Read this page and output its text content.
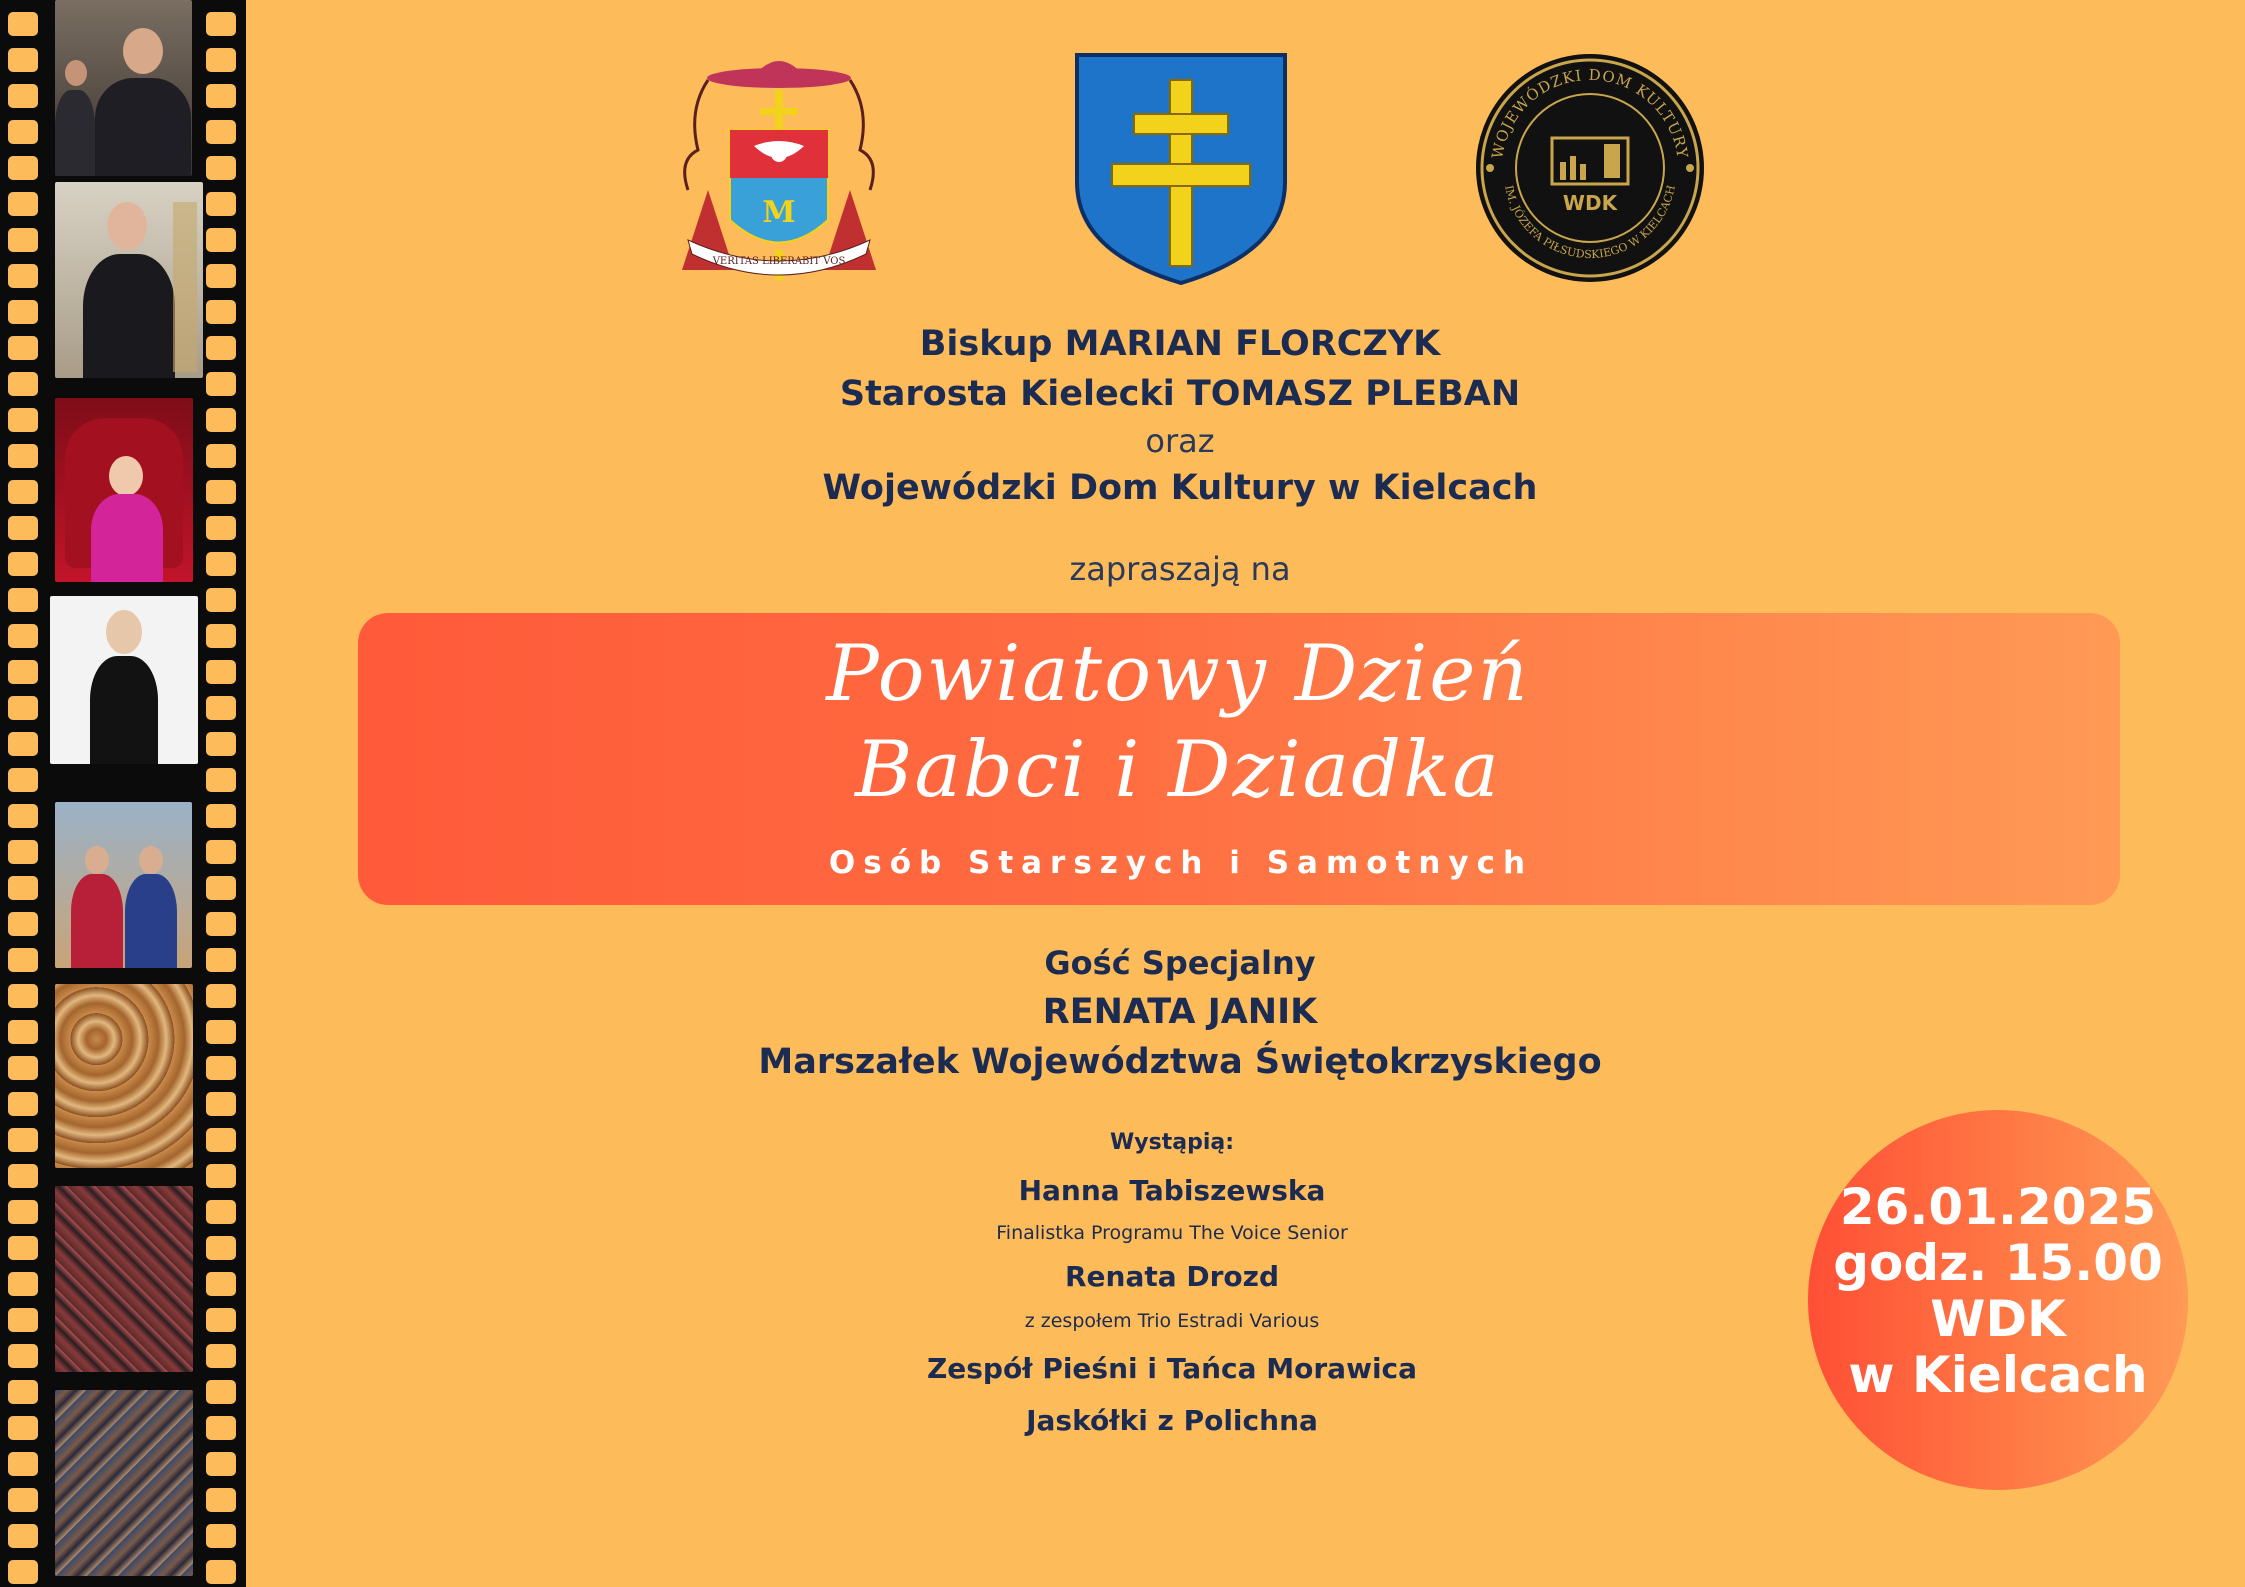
M
VERITAS LIBERABIT VOS
WOJEWÓDZKI DOM KULTURY
IM. JÓZEFA PIŁSUDSKIEGO W KIELCACH
WDK
Biskup MARIAN FLORCZYK
Starosta Kielecki TOMASZ PLEBAN
oraz
Wojewódzki Dom Kultury w Kielcach
zapraszają na
Powiatowy Dzień
Babci i Dziadka
Osób Starszych i Samotnych
Gość Specjalny
RENATA JANIK
Marszałek Województwa Świętokrzyskiego
Wystąpią:
Hanna Tabiszewska
Finalistka Programu The Voice Senior
Renata Drozd
z zespołem Trio Estradi Various
Zespół Pieśni i Tańca Morawica
Jaskółki z Polichna
26.01.2025
godz. 15.00
WDK
w Kielcach
